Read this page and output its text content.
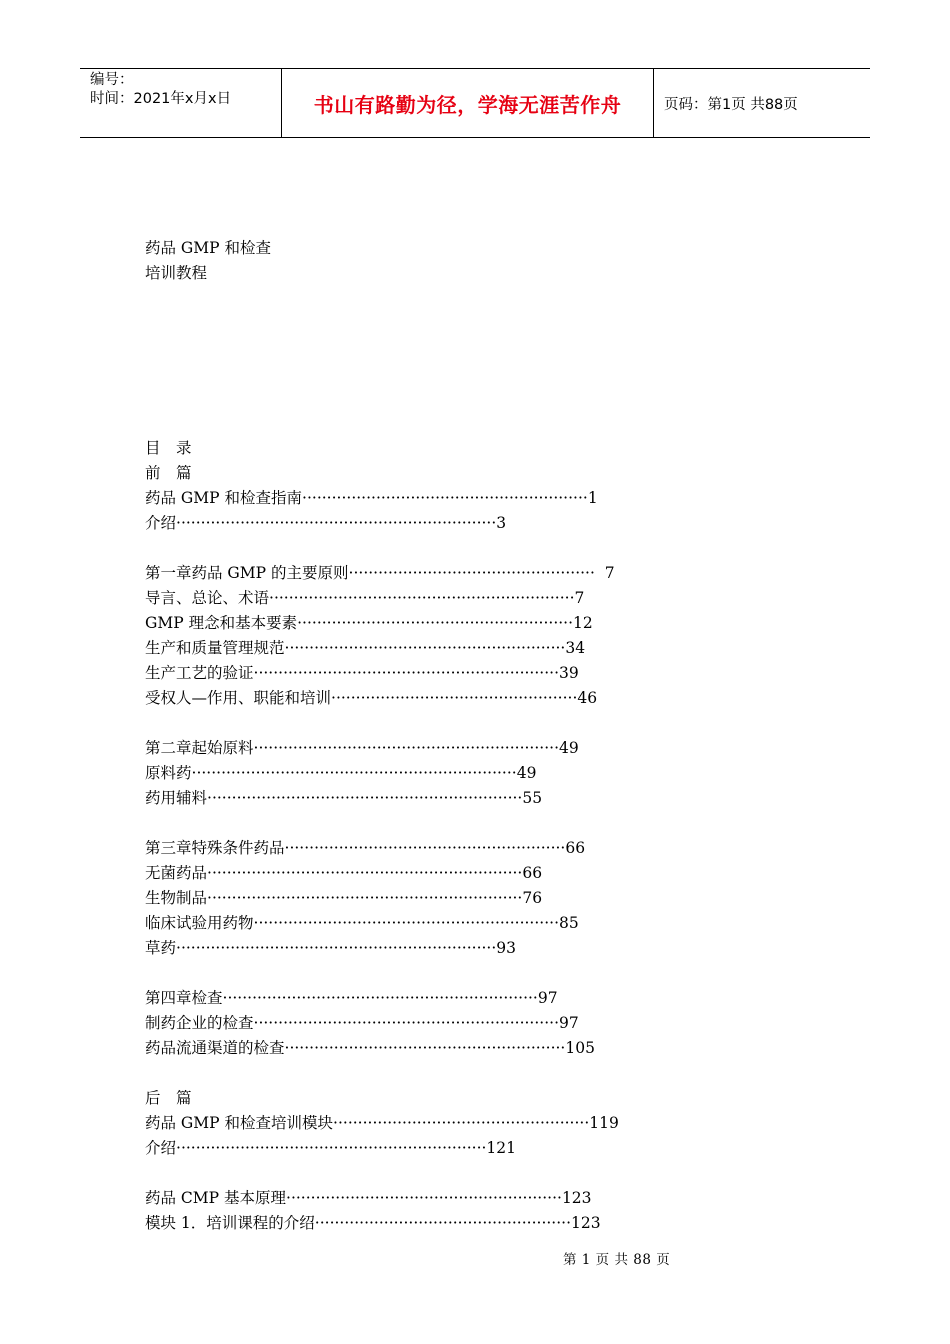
编号：
时间：2021年x月x日	书山有路勤为径，学海无涯苦作舟	页码：第1页 共88页
药品 GMP 和检查
培训教程
目　录
前　篇
药品 GMP 和检查指南 ·························································· 1
介绍 ································································· 3
第一章药品 GMP 的主要原则 ·················································· 7
导言、总论、术语 ······························································ 7
GMP 理念和基本要素 ························································ 12
生产和质量管理规范 ························································· 34
生产工艺的验证 ······························································ 39
受权人—作用、职能和培训 ·················································· 46
第二章起始原料 ······························································ 49
原料药 ·································································· 49
药用辅料 ································································ 55
第三章特殊条件药品 ························································· 66
无菌药品 ································································ 66
生物制品 ································································ 76
临床试验用药物 ······························································ 85
草药 ································································· 93
第四章检查 ································································ 97
制药企业的检查 ······························································ 97
药品流通渠道的检查 ························································· 105
后　篇
药品 GMP 和检查培训模块 ···················································· 119
介绍 ······························································· 121
药品 CMP 基本原理 ························································ 123
模块 1．培训课程的介绍 ···················································· 123
第 1 页 共 88 页
